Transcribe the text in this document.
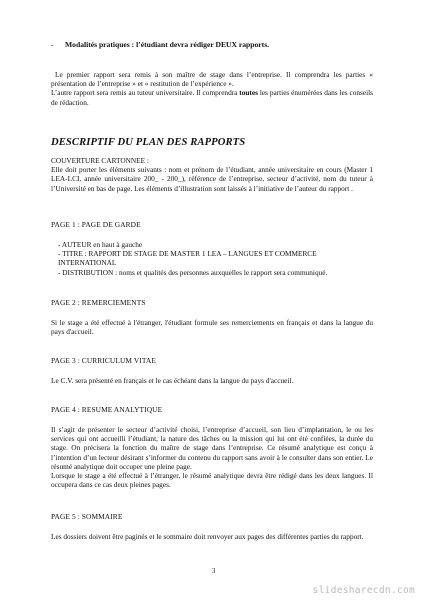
- Modalités pratiques : l’étudiant devra rédiger DEUX rapports.

Le premier rapport sera remis à son maître de stage dans l’entreprise. Il comprendra les parties « présentation de l’entreprise » et « restitution de l’expérience ».

L’autre rapport sera remis au tuteur universitaire. Il comprendra toutes les parties énumérées dans les conseils de rédaction.

DESCRIPTIF DU PLAN DES RAPPORTS

COUVERTURE CARTONNEE :

Elle doit porter les éléments suivants : nom et prénom de l’étudiant, année universitaire en cours (Master 1 LEA-LCI, année universitaire 200_ - 200_), référence de l’entreprise, secteur d’activité, nom du tuteur à l’Université en bas de page. Les éléments d’illustration sont laissés à l’initiative de l’auteur du rapport .

PAGE 1 : PAGE DE GARDE

- AUTEUR en haut à gauche

- TITRE : RAPPORT DE STAGE DE MASTER 1 LEA – LANGUES ET COMMERCE INTERNATIONAL

- DISTRIBUTION : noms et qualités des personnes auxquelles le rapport sera communiqué.

PAGE 2 : REMERCIEMENTS
Si le stage a été effectué à l'étranger, l'étudiant formule ses remerciements en français et dans la langue du pays d'accueil.
PAGE 3 : CURRICULUM VITAE
Le C.V. sera présenté en français et le cas échéant dans la langue du pays d'accueil.
PAGE 4 : RESUME ANALYTIQUE

Il s’agit de présenter le secteur d’activité choisi, l’entreprise d’accueil, son lieu d’implantation, le ou les services qui ont accueilli l’étudiant, la nature des tâches ou la mission qui lui ont été confiées, la durée du stage. On précisera la fonction du maître de stage dans l’entreprise. Ce résumé analytique est conçu à l’intention d’un lecteur désirant s’informer du contenu du rapport sans avoir à le consulter dans son entier. Le résumé analytique doit occuper une pleine page.

Lorsque le stage a été effectué à l’étranger, le résumé analytique devra être rédigé dans les deux langues. Il occupera dans ce cas deux pleines pages.

PAGE 5 : SOMMAIRE
Les dossiers doivent être paginés et le sommaire doit renvoyer aux pages des différentes parties du rapport.
3
slidesharecdn.com
